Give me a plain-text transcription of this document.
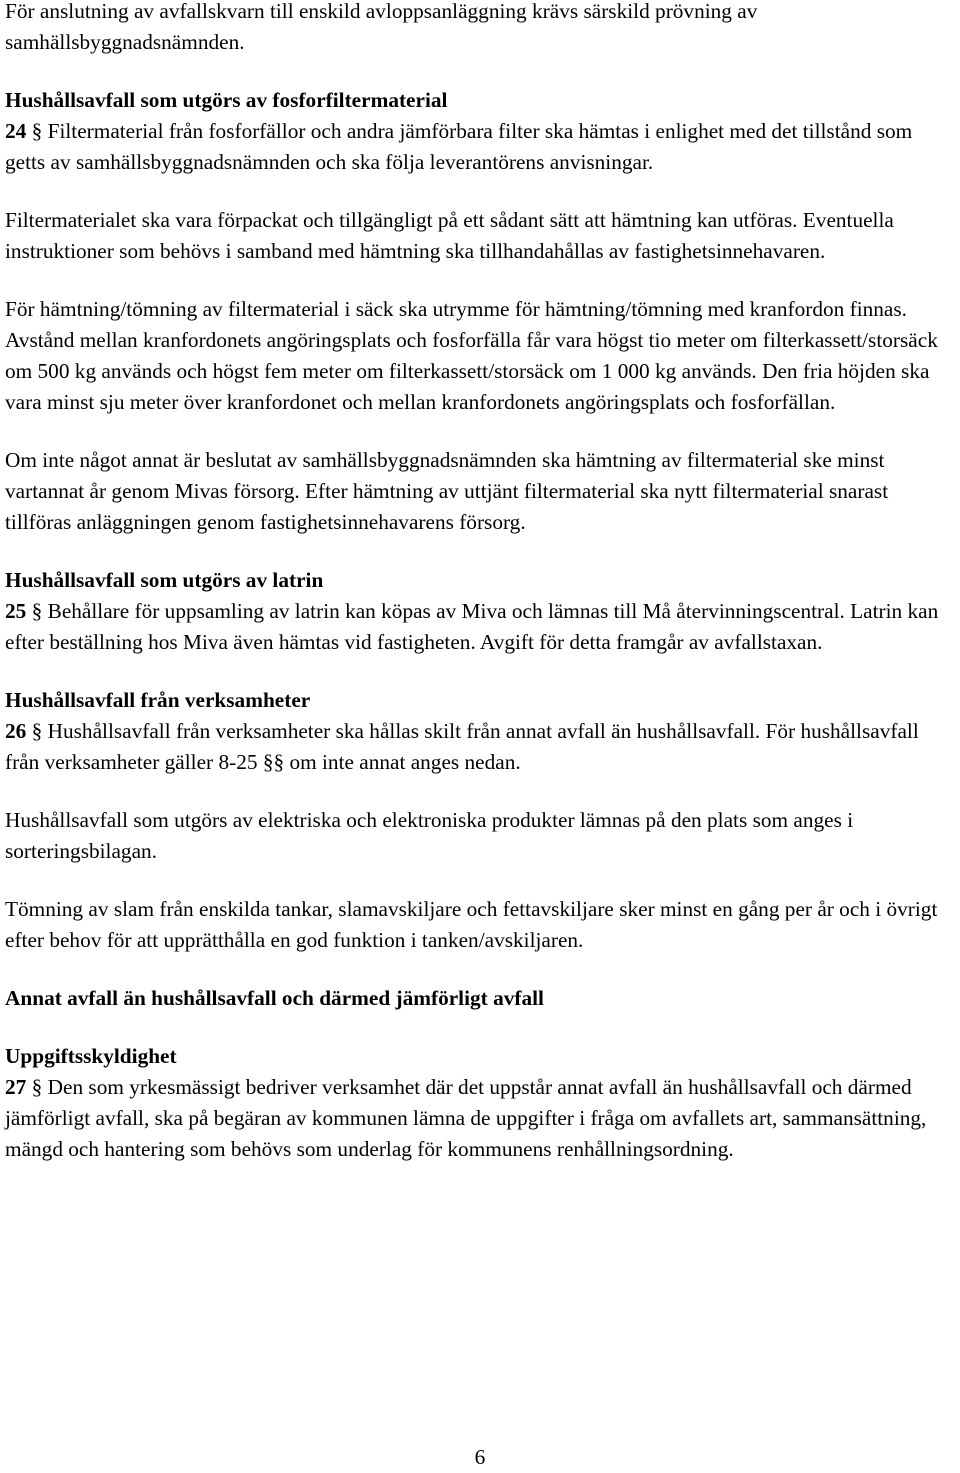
För anslutning av avfallskvarn till enskild avloppsanläggning krävs särskild prövning av samhällsbyggnadsnämnden.

Hushållsavfall som utgörs av fosforfiltermaterial

24 § Filtermaterial från fosforfällor och andra jämförbara filter ska hämtas i enlighet med det tillstånd som getts av samhällsbyggnadsnämnden och ska följa leverantörens anvisningar.

Filtermaterialet ska vara förpackat och tillgängligt på ett sådant sätt att hämtning kan utföras. Eventuella instruktioner som behövs i samband med hämtning ska tillhandahållas av fastighetsinnehavaren.

För hämtning/tömning av filtermaterial i säck ska utrymme för hämtning/tömning med kranfordon finnas. Avstånd mellan kranfordonets angöringsplats och fosforfälla får vara högst tio meter om filterkassett/storsäck om 500 kg används och högst fem meter om filterkassett/storsäck om 1 000 kg används. Den fria höjden ska vara minst sju meter över kranfordonet och mellan kranfordonets angöringsplats och fosforfällan.

Om inte något annat är beslutat av samhällsbyggnadsnämnden ska hämtning av filtermaterial ske minst vartannat år genom Mivas försorg. Efter hämtning av uttjänt filtermaterial ska nytt filtermaterial snarast tillföras anläggningen genom fastighetsinnehavarens försorg.

Hushållsavfall som utgörs av latrin

25 § Behållare för uppsamling av latrin kan köpas av Miva och lämnas till Må återvinningscentral. Latrin kan efter beställning hos Miva även hämtas vid fastigheten. Avgift för detta framgår av avfallstaxan.

Hushållsavfall från verksamheter

26 § Hushållsavfall från verksamheter ska hållas skilt från annat avfall än hushållsavfall. För hushållsavfall från verksamheter gäller 8-25 §§ om inte annat anges nedan.

Hushållsavfall som utgörs av elektriska och elektroniska produkter lämnas på den plats som anges i sorteringsbilagan.

Tömning av slam från enskilda tankar, slamavskiljare och fettavskiljare sker minst en gång per år och i övrigt efter behov för att upprätthålla en god funktion i tanken/avskiljaren.

Annat avfall än hushållsavfall och därmed jämförligt avfall
Uppgiftsskyldighet

27 § Den som yrkesmässigt bedriver verksamhet där det uppstår annat avfall än hushållsavfall och därmed jämförligt avfall, ska på begäran av kommunen lämna de uppgifter i fråga om avfallets art, sammansättning, mängd och hantering som behövs som underlag för kommunens renhållningsordning.

6
